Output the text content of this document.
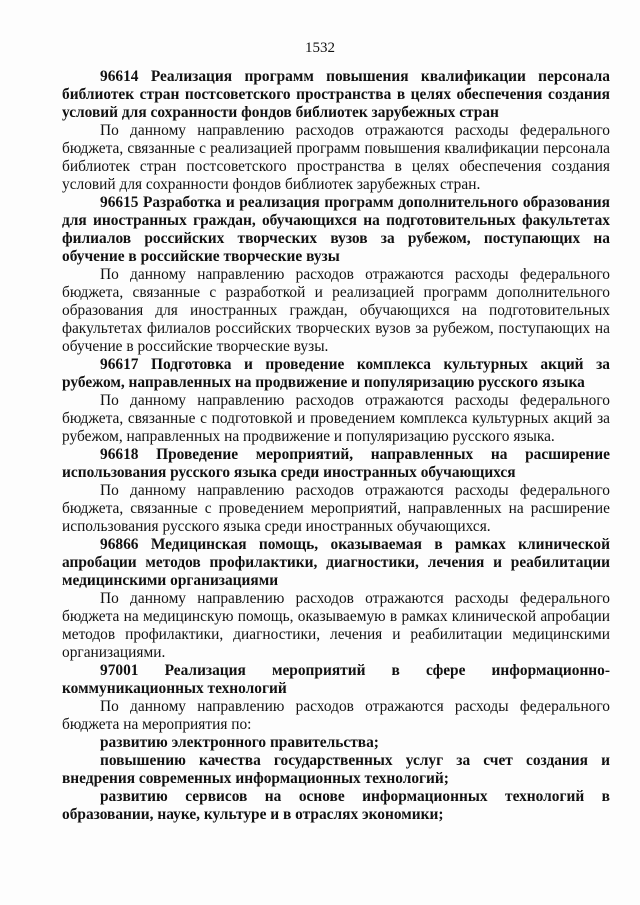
1532

96614 Реализация программ повышения квалификации персонала библиотек стран постсоветского пространства в целях обеспечения создания условий для сохранности фондов библиотек зарубежных стран

По данному направлению расходов отражаются расходы федерального бюджета, связанные с реализацией программ повышения квалификации персонала библиотек стран постсоветского пространства в целях обеспечения создания условий для сохранности фондов библиотек зарубежных стран.

96615 Разработка и реализация программ дополнительного образования для иностранных граждан, обучающихся на подготовительных факультетах филиалов российских творческих вузов за рубежом, поступающих на обучение в российские творческие вузы

По данному направлению расходов отражаются расходы федерального бюджета, связанные с разработкой и реализацией программ дополнительного образования для иностранных граждан, обучающихся на подготовительных факультетах филиалов российских творческих вузов за рубежом, поступающих на обучение в российские творческие вузы.

96617 Подготовка и проведение комплекса культурных акций за рубежом, направленных на продвижение и популяризацию русского языка

По данному направлению расходов отражаются расходы федерального бюджета, связанные с подготовкой и проведением комплекса культурных акций за рубежом, направленных на продвижение и популяризацию русского языка.

96618 Проведение мероприятий, направленных на расширение использования русского языка среди иностранных обучающихся

По данному направлению расходов отражаются расходы федерального бюджета, связанные с проведением мероприятий, направленных на расширение использования русского языка среди иностранных обучающихся.

96866 Медицинская помощь, оказываемая в рамках клинической апробации методов профилактики, диагностики, лечения и реабилитации медицинскими организациями

По данному направлению расходов отражаются расходы федерального бюджета на медицинскую помощь, оказываемую в рамках клинической апробации методов профилактики, диагностики, лечения и реабилитации медицинскими организациями.

97001 Реализация мероприятий в сфере информационно-коммуникационных технологий

По данному направлению расходов отражаются расходы федерального бюджета на мероприятия по:

развитию электронного правительства;

повышению качества государственных услуг за счет создания и внедрения современных информационных технологий;

развитию сервисов на основе информационных технологий в образовании, науке, культуре и в отраслях экономики;
